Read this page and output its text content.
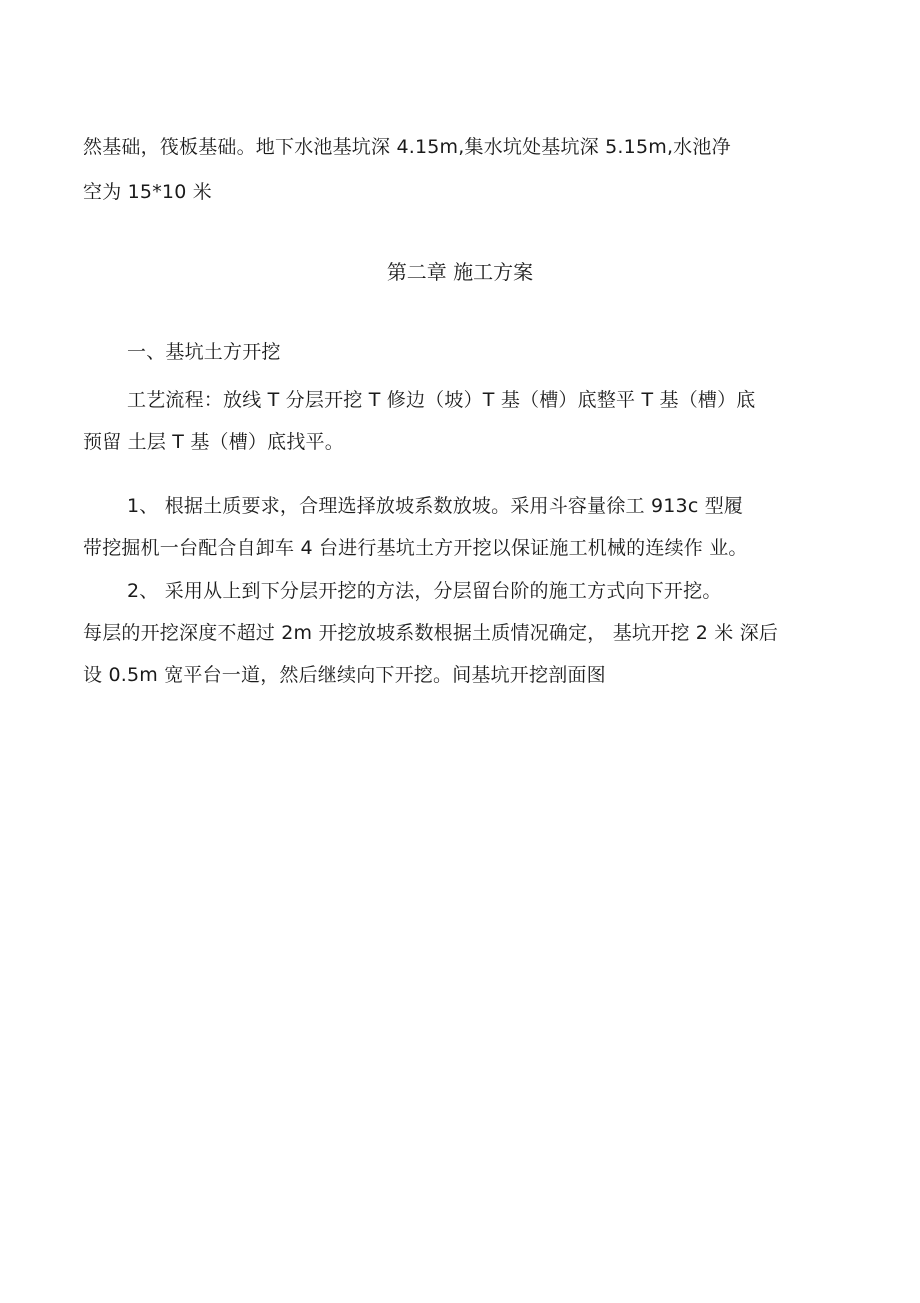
然基础，筏板基础。地下水池基坑深 4.15m,集水坑处基坑深 5.15m,水池净
空为 15*10 米
第二章 施工方案
一、基坑土方开挖
工艺流程：放线 T 分层开挖 T 修边（坡）T 基（槽）底整平 T 基（槽）底
预留 土层 T 基（槽）底找平。
1、 根据土质要求，合理选择放坡系数放坡。采用斗容量徐工 913c 型履
带挖掘机一台配合自卸车 4 台进行基坑土方开挖以保证施工机械的连续作 业。
2、 采用从上到下分层开挖的方法，分层留台阶的施工方式向下开挖。
每层的开挖深度不超过 2m 开挖放坡系数根据土质情况确定， 基坑开挖 2 米 深后
设 0.5m 宽平台一道，然后继续向下开挖。间基坑开挖剖面图
